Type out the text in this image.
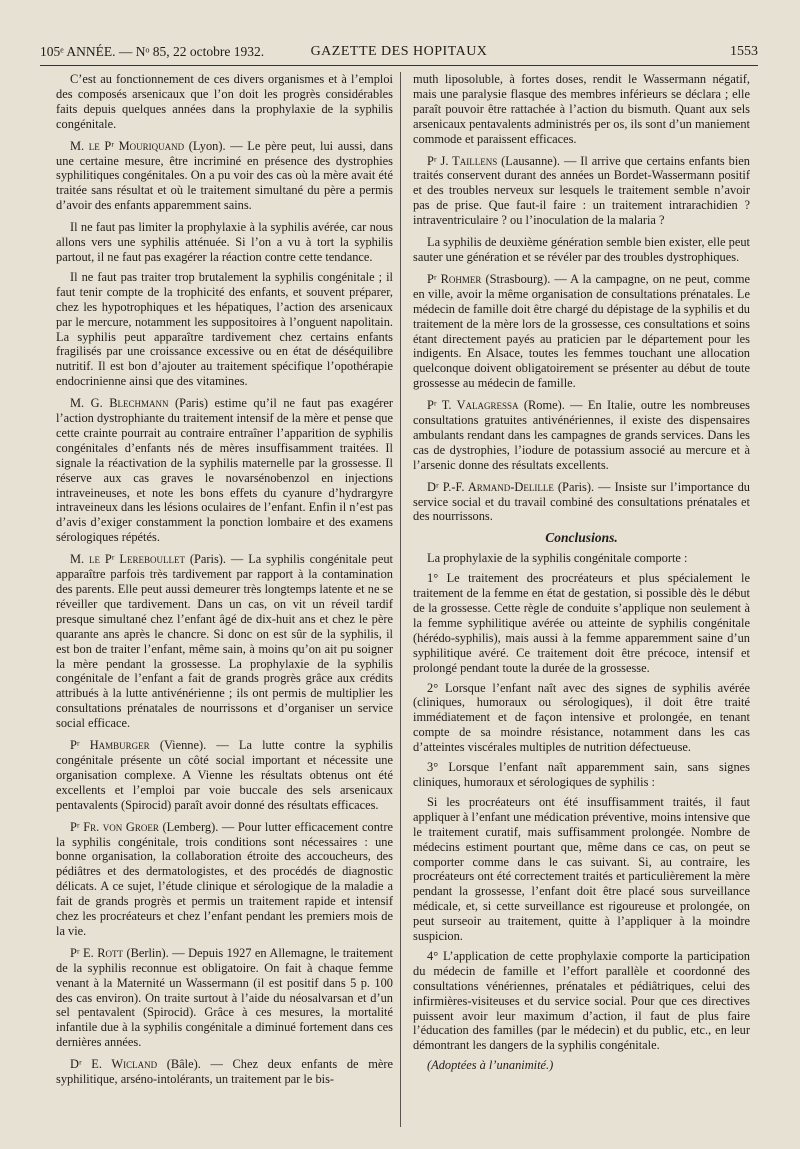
105ᵉ ANNÉE. — Nᵒ 85, 22 octobre 1932.	GAZETTE DES HOPITAUX	1553

C’est au fonctionnement de ces divers organismes et à l’emploi des composés arsenicaux que l’on doit les progrès considérables faits depuis quelques années dans la prophylaxie de la syphilis congénitale.

M. le Pʳ Mouriquand (Lyon). — Le père peut, lui aussi, dans une certaine mesure, être incriminé en présence des dystrophies syphilitiques congénitales. On a pu voir des cas où la mère avait été traitée sans résultat et où le traitement simultané du père a permis d’avoir des enfants apparemment sains.

Il ne faut pas limiter la prophylaxie à la syphilis avérée, car nous allons vers une syphilis atténuée. Si l’on a vu à tort la syphilis partout, il ne faut pas exagérer la réaction contre cette tendance.

Il ne faut pas traiter trop brutalement la syphilis congénitale ; il faut tenir compte de la trophicité des enfants, et souvent préparer, chez les hypotrophiques et les hépatiques, l’action des arsenicaux par le mercure, notamment les suppositoires à l’onguent napolitain. La syphilis peut apparaître tardivement chez certains enfants fragilisés par une croissance excessive ou en état de déséquilibre nutritif. Il est bon d’ajouter au traitement spécifique l’opothérapie endocrinienne ainsi que des vitamines.

M. G. Blechmann (Paris) estime qu’il ne faut pas exagérer l’action dystrophiante du traitement intensif de la mère et pense que cette crainte pourrait au contraire entraîner l’apparition de syphilis congénitales d’enfants nés de mères insuffisamment traitées. Il signale la réactivation de la syphilis maternelle par la grossesse. Il réserve aux cas graves le novarsénobenzol en injections intraveineuses, et note les bons effets du cyanure d’hydrargyre intraveineux dans les lésions oculaires de l’enfant. Enfin il n’est pas d’avis d’exiger constamment la ponction lombaire et des examens sérologiques répétés.

M. le Pʳ Lereboullet (Paris). — La syphilis congénitale peut apparaître parfois très tardivement par rapport à la contamination des parents. Elle peut aussi demeurer très longtemps latente et ne se réveiller que tardivement. Dans un cas, on vit un réveil tardif presque simultané chez l’enfant âgé de dix-huit ans et chez le père quarante ans après le chancre. Si donc on est sûr de la syphilis, il est bon de traiter l’enfant, même sain, à moins qu’on ait pu soigner la mère pendant la grossesse. La prophylaxie de la syphilis congénitale de l’enfant a fait de grands progrès grâce aux crédits attribués à la lutte antivénérienne ; ils ont permis de multiplier les consultations prénatales de nourrissons et d’organiser un service social efficace.

Pʳ Hamburger (Vienne). — La lutte contre la syphilis congénitale présente un côté social important et nécessite une organisation complexe. A Vienne les résultats obtenus ont été excellents et l’emploi par voie buccale des sels arsenicaux pentavalents (Spirocid) paraît avoir donné des résultats efficaces.

Pʳ Fr. von Groer (Lemberg). — Pour lutter efficacement contre la syphilis congénitale, trois conditions sont nécessaires : une bonne organisation, la collaboration étroite des accoucheurs, des pédiâtres et des dermatologistes, et des procédés de diagnostic délicats. A ce sujet, l’étude clinique et sérologique de la maladie a fait de grands progrès et permis un traitement rapide et intensif chez les procréateurs et chez l’enfant pendant les premiers mois de la vie.

Pʳ E. Rott (Berlin). — Depuis 1927 en Allemagne, le traitement de la syphilis reconnue est obligatoire. On fait à chaque femme venant à la Maternité un Wassermann (il est positif dans 5 p. 100 des cas environ). On traite surtout à l’aide du néosalvarsan et d’un sel pentavalent (Spirocid). Grâce à ces mesures, la mortalité infantile due à la syphilis congénitale a diminué fortement dans ces dernières années.

Dʳ E. Wicland (Bâle). — Chez deux enfants de mère syphilitique, arséno-intolérants, un traitement par le bis-

muth liposoluble, à fortes doses, rendit le Wassermann négatif, mais une paralysie flasque des membres inférieurs se déclara ; elle paraît pouvoir être rattachée à l’action du bismuth. Quant aux sels arsenicaux pentavalents administrés per os, ils sont d’un maniement commode et paraissent efficaces.

Pʳ J. Taillens (Lausanne). — Il arrive que certains enfants bien traités conservent durant des années un Bordet-Wassermann positif et des troubles nerveux sur lesquels le traitement semble n’avoir pas de prise. Que faut-il faire : un traitement intrarachidien ? intraventriculaire ? ou l’inoculation de la malaria ?

La syphilis de deuxième génération semble bien exister, elle peut sauter une génération et se révéler par des troubles dystrophiques.

Pʳ Rohmer (Strasbourg). — A la campagne, on ne peut, comme en ville, avoir la même organisation de consultations prénatales. Le médecin de famille doit être chargé du dépistage de la syphilis et du traitement de la mère lors de la grossesse, ces consultations et soins étant directement payés au praticien par le département pour les indigents. En Alsace, toutes les femmes touchant une allocation quelconque doivent obligatoirement se présenter au début de toute grossesse au médecin de famille.

Pʳ T. Valagressa (Rome). — En Italie, outre les nombreuses consultations gratuites antivénériennes, il existe des dispensaires ambulants rendant dans les campagnes de grands services. Dans les cas de dystrophies, l’iodure de potassium associé au mercure et à l’arsenic donne des résultats excellents.

Dʳ P.-F. Armand-Delille (Paris). — Insiste sur l’importance du service social et du travail combiné des consultations prénatales et des nourrissons.

Conclusions.

La prophylaxie de la syphilis congénitale comporte :

1° Le traitement des procréateurs et plus spécialement le traitement de la femme en état de gestation, si possible dès le début de la grossesse. Cette règle de conduite s’applique non seulement à la femme syphilitique avérée ou atteinte de syphilis congénitale (hérédo-syphilis), mais aussi à la femme apparemment saine d’un syphilitique avéré. Ce traitement doit être précoce, intensif et prolongé pendant toute la durée de la grossesse.

2° Lorsque l’enfant naît avec des signes de syphilis avérée (cliniques, humoraux ou sérologiques), il doit être traité immédiatement et de façon intensive et prolongée, en tenant compte de sa moindre résistance, notamment dans les cas d’atteintes viscérales multiples de nutrition défectueuse.

3° Lorsque l’enfant naît apparemment sain, sans signes cliniques, humoraux et sérologiques de syphilis :

Si les procréateurs ont été insuffisamment traités, il faut appliquer à l’enfant une médication préventive, moins intensive que le traitement curatif, mais suffisamment prolongée. Nombre de médecins estiment pourtant que, même dans ce cas, on peut se comporter comme dans le cas suivant. Si, au contraire, les procréateurs ont été correctement traités et particulièrement la mère pendant la grossesse, l’enfant doit être placé sous surveillance médicale, et, si cette surveillance est rigoureuse et prolongée, on peut surseoir au traitement, quitte à l’appliquer à la moindre suspicion.

4° L’application de cette prophylaxie comporte la participation du médecin de famille et l’effort parallèle et coordonné des consultations vénériennes, prénatales et pédiâtriques, celui des infirmières-visiteuses et du service social. Pour que ces directives puissent avoir leur maximum d’action, il faut de plus faire l’éducation des familles (par le médecin) et du public, etc., en leur démontrant les dangers de la syphilis congénitale.

(Adoptées à l’unanimité.)
